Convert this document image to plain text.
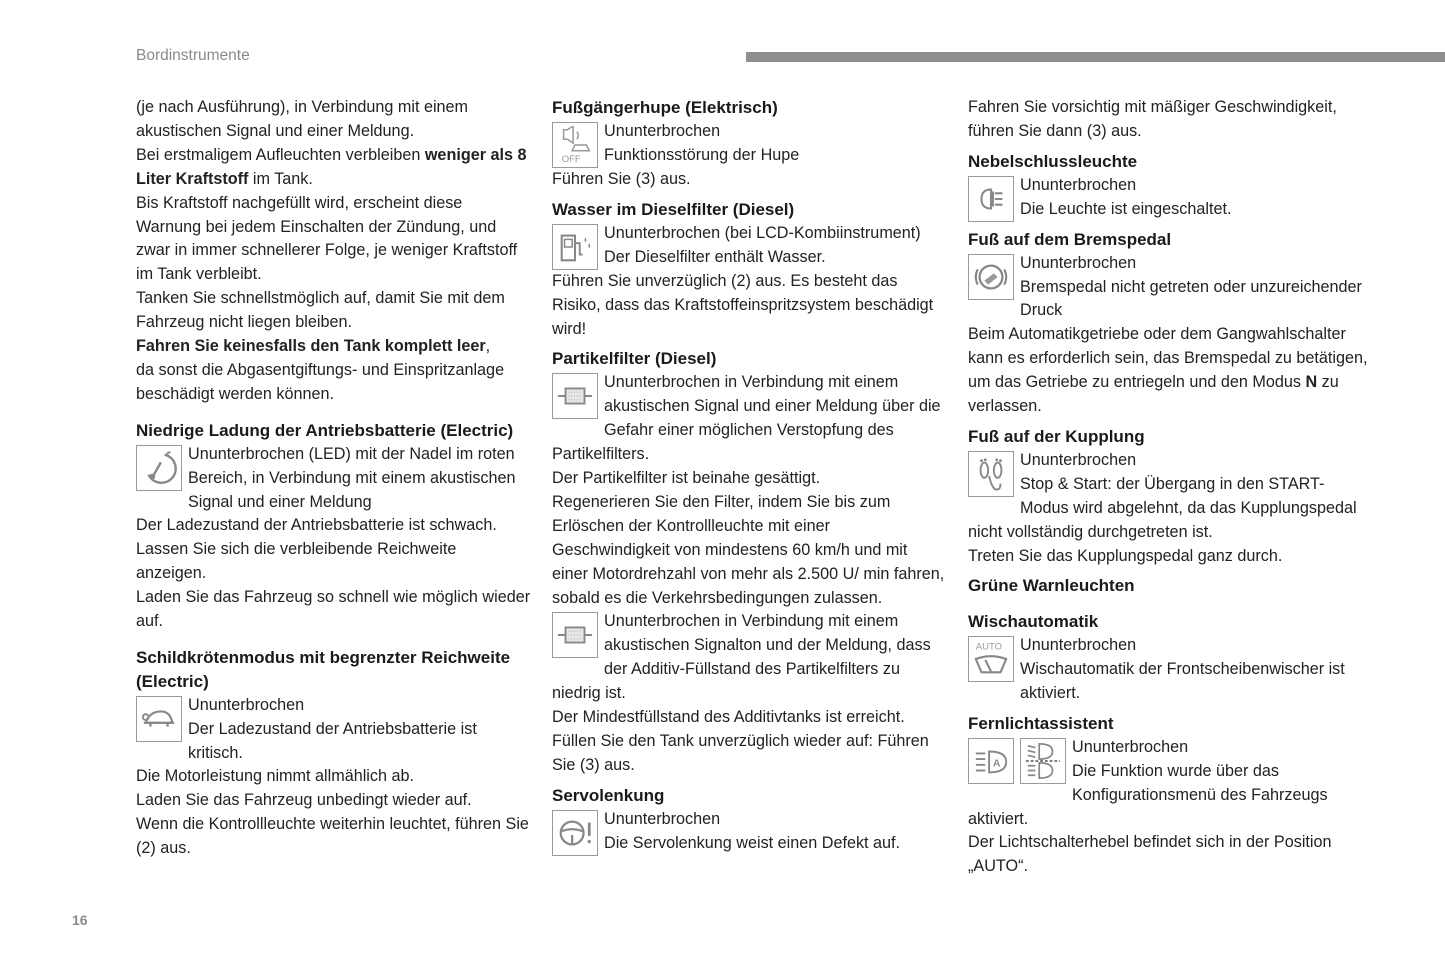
Bordinstrumente

(je nach Ausführung), in Verbindung mit einem akustischen Signal und einer Meldung.

Bei erstmaligem Aufleuchten verbleiben weniger als 8 Liter Kraftstoff im Tank.

Bis Kraftstoff nachgefüllt wird, erscheint diese Warnung bei jedem Einschalten der Zündung, und zwar in immer schnellerer Folge, je weniger Kraftstoff im Tank verbleibt.

Tanken Sie schnellstmöglich auf, damit Sie mit dem Fahrzeug nicht liegen bleiben.

Fahren Sie keinesfalls den Tank komplett leer,

da sonst die Abgasentgiftungs- und Einspritzanlage beschädigt werden können.

Niedrige Ladung der Antriebsbatterie (Electric)

Ununterbrochen (LED) mit der Nadel im roten Bereich, in Verbindung mit einem akustischen Signal und einer Meldung

Der Ladezustand der Antriebsbatterie ist schwach.

Lassen Sie sich die verbleibende Reichweite anzeigen.

Laden Sie das Fahrzeug so schnell wie möglich wieder auf.

Schildkrötenmodus mit begrenzter Reichweite (Electric)

Ununterbrochen

Der Ladezustand der Antriebsbatterie ist kritisch.

Die Motorleistung nimmt allmählich ab.

Laden Sie das Fahrzeug unbedingt wieder auf.

Wenn die Kontrollleuchte weiterhin leuchtet, führen Sie (2) aus.

Fußgängerhupe (Elektrisch)
OFF

Ununterbrochen

Funktionsstörung der Hupe

Führen Sie (3) aus.

Wasser im Dieselfilter (Diesel)

Ununterbrochen (bei LCD-Kombiinstrument)

Der Dieselfilter enthält Wasser.

Führen Sie unverzüglich (2) aus. Es besteht das Risiko, dass das Kraftstoffeinspritzsystem beschädigt wird!

Partikelfilter (Diesel)

Ununterbrochen in Verbindung mit einem akustischen Signal und einer Meldung über die Gefahr einer möglichen Verstopfung des Partikelfilters.

Der Partikelfilter ist beinahe gesättigt.

Regenerieren Sie den Filter, indem Sie bis zum Erlöschen der Kontrollleuchte mit einer Geschwindigkeit von mindestens 60 km/h und mit einer Motordrehzahl von mehr als 2.500 U/ min fahren, sobald es die Verkehrsbedingungen zulassen.

Ununterbrochen in Verbindung mit einem akustischen Signalton und der Meldung, dass der Additiv-Füllstand des Partikelfilters zu niedrig ist.

Der Mindestfüllstand des Additivtanks ist erreicht.

Füllen Sie den Tank unverzüglich wieder auf: Führen Sie (3) aus.

Servolenkung

Ununterbrochen

Die Servolenkung weist einen Defekt auf.

Fahren Sie vorsichtig mit mäßiger Geschwindigkeit, führen Sie dann (3) aus.

Nebelschlussleuchte

Ununterbrochen

Die Leuchte ist eingeschaltet.

Fuß auf dem Bremspedal

Ununterbrochen

Bremspedal nicht getreten oder unzureichender Druck

Beim Automatikgetriebe oder dem Gangwahlschalter kann es erforderlich sein, das Bremspedal zu betätigen, um das Getriebe zu entriegeln und den Modus N zu verlassen.

Fuß auf der Kupplung

Ununterbrochen

Stop & Start: der Übergang in den START-Modus wird abgelehnt, da das Kupplungspedal nicht vollständig durchgetreten ist.

Treten Sie das Kupplungspedal ganz durch.

Grüne Warnleuchten
Wischautomatik
AUTO	Ununterbrochen

Wischautomatik der Frontscheibenwischer ist aktiviert.

Fernlichtassistent
A

Ununterbrochen

Die Funktion wurde über das Konfigurationsmenü des Fahrzeugs aktiviert.

Der Lichtschalterhebel befindet sich in der Position „AUTO“.

16
